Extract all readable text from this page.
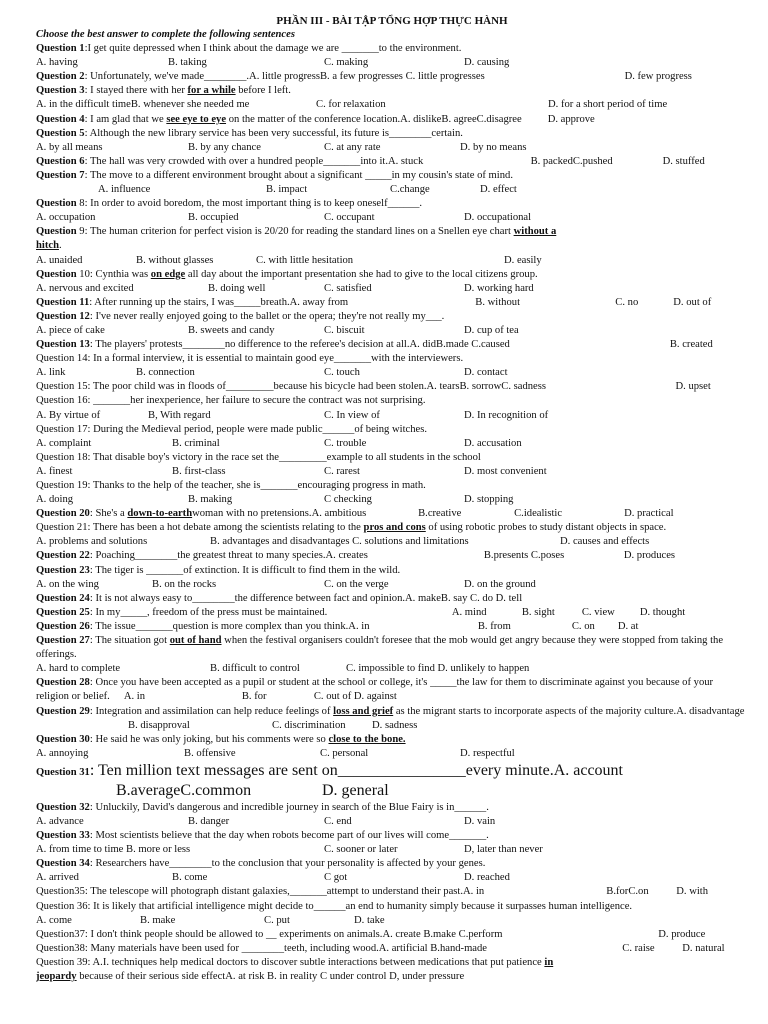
PHẦN III - BÀI TẬP TỔNG HỢP THỰC HÀNH

Choose the best answer to complete the following sentences

Question 1:I get quite depressed when I think about the damage we are _______to the environment.

A. having	B. taking	C. making	D. causing

Question 2: Unfortunately, we've made________.A. little progressB. a few progresses C. little progresses	D. few progress

Question 3: I stayed there with her for a while before I left.

A. in the difficult timeB. whenever she needed me	C. for relaxation	D. for a short period of time

Question 4: I am glad that we see eye to eye on the matter of the conference location.A. dislikeB. agreeC.disagree D. approve

Question 5: Although the new library service has been very successful, its future is________certain.

A. by all means	B. by any chance	C. at any rate	D. by no means

Question 6: The hall was very crowded with over a hundred people_______into it.A. stuck	B. packedC.pushed	D. stuffed

Question 7: The move to a different environment brought about a significant _____in my cousin's state of mind.

A. influence	B. impact	C.change	D. effect

Question 8: In order to avoid boredom, the most important thing is to keep oneself______.

A. occupation	B. occupied	C. occupant	D. occupational

Question 9: The human criterion for perfect vision is 20/20 for reading the standard lines on a Snellen eye chart without a

hitch.

A. unaided	B. without glasses	C. with little hesitation	D. easily

Question 10: Cynthia was on edge all day about the important presentation she had to give to the local citizens group.

A. nervous and excited	B. doing well	C. satisfied	D. working hard

Question 11: After running up the stairs, I was_____breath.A. away from	B. without	C. no	D. out of

Question 12: I've never really enjoyed going to the ballet or the opera; they're not really my___.

A. piece of cake	B. sweets and candy	C. biscuit	D. cup of tea

Question 13: The players' protests________no difference to the referee's decision at all.A. didB.made C.caused	B. created

Question 14: In a formal interview, it is essential to maintain good eye_______with the interviewers.

A. link	B. connection	C. touch	D. contact

Question 15: The poor child was in floods of_________because his bicycle had been stolen.A. tearsB. sorrowC. sadness	D. upset

Question 16: _______her inexperience, her failure to secure the contract was not surprising.

A. By virtue of	B, With regard	C. In view of	D. In recognition of

Question 17: During the Medieval period, people were made public______of being witches.

A. complaint	B. criminal	C. trouble	D. accusation

Question 18: That disable boy's victory in the race set the_________example to all students in the school

A. finest	B. first-class	C. rarest	D. most convenient

Question 19: Thanks to the help of the teacher, she is_______encouraging progress in math.

A. doing	B. making	C checking	D. stopping

Question 20: She's a down-to-earthwoman with no pretensions.A. ambitious	B.creative	C.idealistic	D. practical

Question 21: There has been a hot debate among the scientists relating to the pros and cons of using robotic probes to study distant objects in space.

A. problems and solutions	B. advantages and disadvantages C. solutions and limitations	D. causes and effects

Question 22: Poaching________the greatest threat to many species.A. creates	B.presents C.poses	D. produces

Question 23: The tiger is _______of extinction. It is difficult to find them in the wild.

A. on the wing	B. on the rocks	C. on the verge	D. on the ground

Question 24: It is not always easy to________the difference between fact and opinion.A. makeB. say C. do D. tell

Question 25: In my_____, freedom of the press must be maintained.	A. mind	B. sight	C. view D. thought

Question 26: The issue_______question is more complex than you think.A. in	B. from	C. on D. at

Question 27: The situation got out of hand when the festival organisers couldn't foresee that the mob would get angry because they were stopped from taking the offerings.

A. hard to complete	B. difficult to control	C. impossible to find D. unlikely to happen

Question 28: Once you have been accepted as a pupil or student at the school or college, it's _____the law for them to discriminate against you because of your religion or belief. A. in	B. for	C. out of D. against

Question 29: Integration and assimilation can help reduce feelings of loss and grief as the migrant starts to incorporate aspects of the majority culture.A. disadvantageB. disapproval	C. discrimination D. sadness

Question 30: He said he was only joking, but his comments were so close to the bone.

A. annoying	B. offensive	C. personal	D. respectful

Question 31: Ten million text messages are sent on________________every minute.A. account

B.averageC.common	D. general

Question 32: Unluckily, David's dangerous and incredible journey in search of the Blue Fairy is in______.

A. advance	B. danger	C. end	D. vain

Question 33: Most scientists believe that the day when robots become part of our lives will come_______.

A. from time to time B. more or less	C. sooner or later	D, later than never

Question 34: Researchers have________to the conclusion that your personality is affected by your genes.

A. arrived	B. come	C got	D. reached

Question35: The telescope will photograph distant galaxies,_______attempt to understand their past.A. in	B.forC.on	D. with

Question 36: It is likely that artificial intelligence might decide to______an end to humanity simply because it surpasses human intelligence.A. come	B. make	C. put	D. take

Question37: I don't think people should be allowed to __ experiments on animals.A. create B.make C.perform	D. produce

Question38: Many materials have been used for ________teeth, including wood.A. artificial B.hand-made	C. raise	D. natural

Question 39: A.I. techniques help medical doctors to discover subtle interactions between medications that put patience in

jeopardy because of their serious side effectA. at risk B. in reality C under control D, under pressure
